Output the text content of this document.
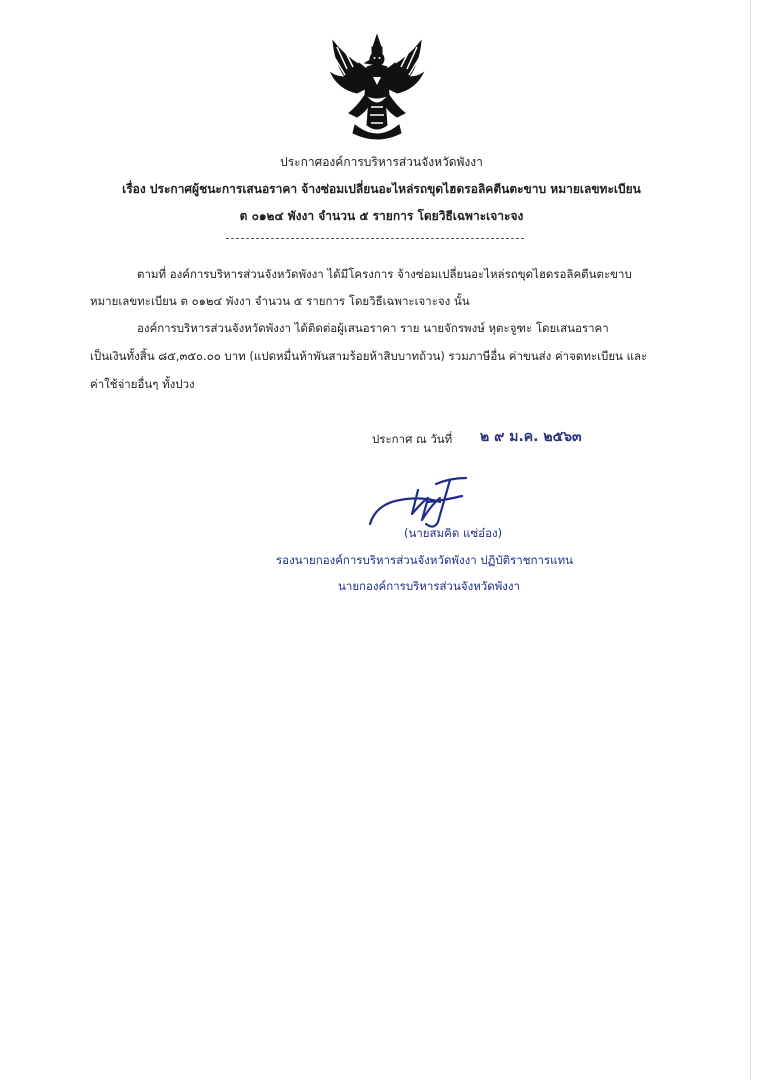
ประกาศองค์การบริหารส่วนจังหวัดพังงา
เรื่อง ประกาศผู้ชนะการเสนอราคา จ้างซ่อมเปลี่ยนอะไหล่รถขุดไฮดรอลิคตีนตะขาบ หมายเลขทะเบียน
ต ๐๑๒๔ พังงา จำนวน ๕ รายการ โดยวิธีเฉพาะเจาะจง
ตามที่ องค์การบริหารส่วนจังหวัดพังงา ได้มีโครงการ จ้างซ่อมเปลี่ยนอะไหล่รถขุดไฮดรอลิคตีนตะขาบ
หมายเลขทะเบียน ต ๐๑๒๔ พังงา จำนวน ๕ รายการ โดยวิธีเฉพาะเจาะจง นั้น
องค์การบริหารส่วนจังหวัดพังงา ได้ติดต่อผู้เสนอราคา ราย นายจักรพงษ์ หุตะจูฑะ โดยเสนอราคา
เป็นเงินทั้งสิ้น ๘๕,๓๕๐.๐๐ บาท (แปดหมื่นห้าพันสามร้อยห้าสิบบาทถ้วน) รวมภาษีอื่น ค่าขนส่ง ค่าจดทะเบียน และ
ค่าใช้จ่ายอื่นๆ ทั้งปวง
ประกาศ ณ วันที่ ๒ ๙ ม.ค. ๒๕๖๓
(นายสมคิด แซ่อ๋อง)
รองนายกองค์การบริหารส่วนจังหวัดพังงา ปฏิบัติราชการแทน
นายกองค์การบริหารส่วนจังหวัดพังงา
